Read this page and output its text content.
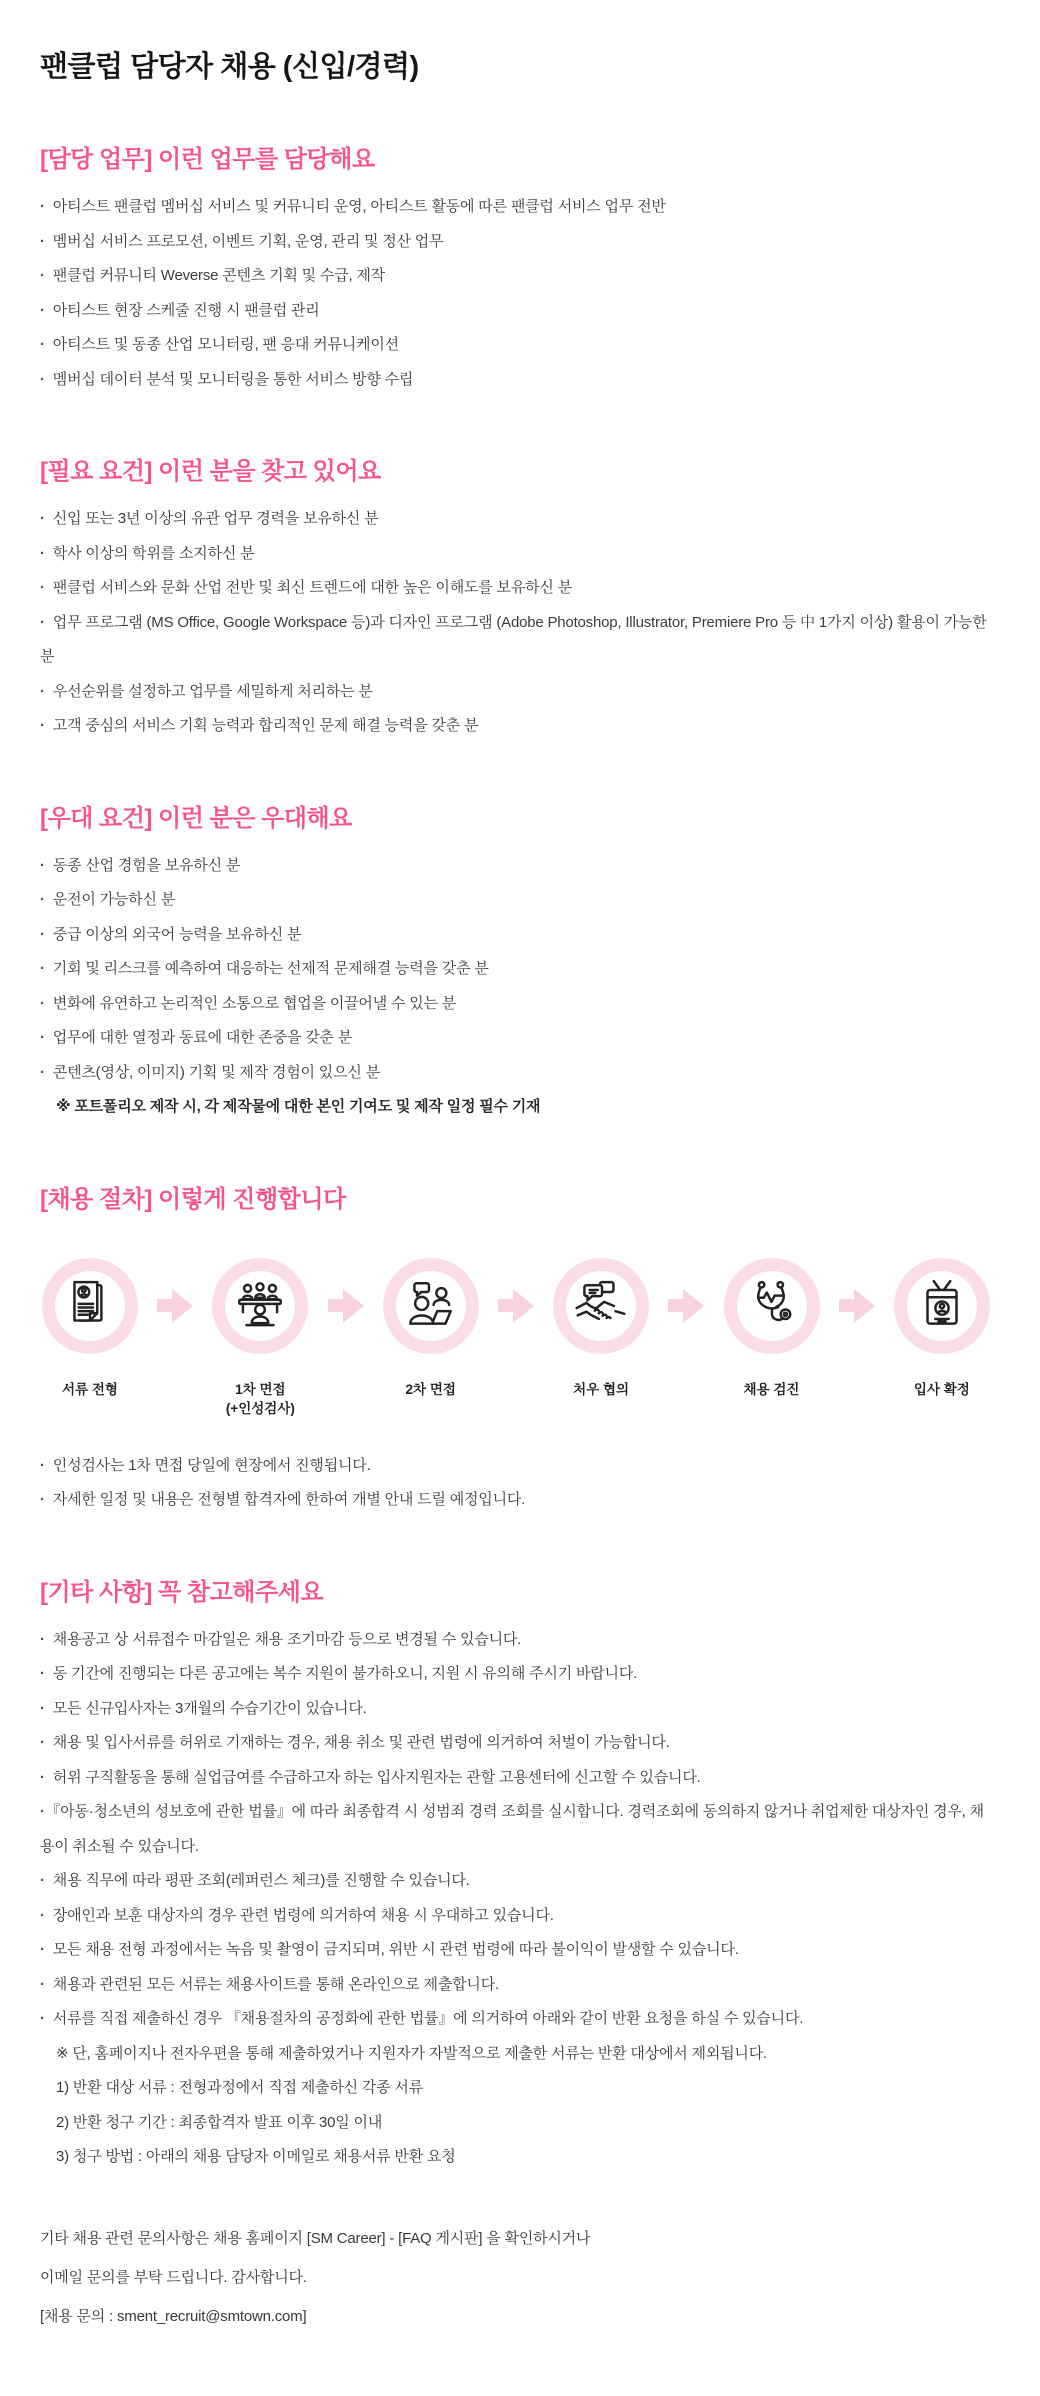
팬클럽 담당자 채용 (신입/경력)
[담당 업무] 이런 업무를 담당해요

· 아티스트 팬클럽 멤버십 서비스 및 커뮤니티 운영, 아티스트 활동에 따른 팬클럽 서비스 업무 전반

· 멤버십 서비스 프로모션, 이벤트 기획, 운영, 관리 및 정산 업무

· 팬클럽 커뮤니티 Weverse 콘텐츠 기획 및 수급, 제작

· 아티스트 현장 스케줄 진행 시 팬클럽 관리

· 아티스트 및 동종 산업 모니터링, 팬 응대 커뮤니케이션

· 멤버십 데이터 분석 및 모니터링을 통한 서비스 방향 수립

[필요 요건] 이런 분을 찾고 있어요

· 신입 또는 3년 이상의 유관 업무 경력을 보유하신 분

· 학사 이상의 학위를 소지하신 분

· 팬클럽 서비스와 문화 산업 전반 및 최신 트렌드에 대한 높은 이해도를 보유하신 분

· 업무 프로그램 (MS Office, Google Workspace 등)과 디자인 프로그램 (Adobe Photoshop, Illustrator, Premiere Pro 등 中 1가지 이상) 활용이 가능한 분

· 우선순위를 설정하고 업무를 세밀하게 처리하는 분

· 고객 중심의 서비스 기획 능력과 합리적인 문제 해결 능력을 갖춘 분

[우대 요건] 이런 분은 우대해요

· 동종 산업 경험을 보유하신 분

· 운전이 가능하신 분

· 중급 이상의 외국어 능력을 보유하신 분

· 기회 및 리스크를 예측하여 대응하는 선제적 문제해결 능력을 갖춘 분

· 변화에 유연하고 논리적인 소통으로 협업을 이끌어낼 수 있는 분

· 업무에 대한 열정과 동료에 대한 존중을 갖춘 분

· 콘텐츠(영상, 이미지) 기획 및 제작 경험이 있으신 분

※ 포트폴리오 제작 시, 각 제작물에 대한 본인 기여도 및 제작 일정 필수 기재

[채용 절차] 이렇게 진행합니다
서류 전형	1차 면접
(+인성검사)
2차 면접	처우 협의	채용 검진	입사 확정

· 인성검사는 1차 면접 당일에 현장에서 진행됩니다.

· 자세한 일정 및 내용은 전형별 합격자에 한하여 개별 안내 드릴 예정입니다.

[기타 사항] 꼭 참고해주세요

· 채용공고 상 서류접수 마감일은 채용 조기마감 등으로 변경될 수 있습니다.

· 동 기간에 진행되는 다른 공고에는 복수 지원이 불가하오니, 지원 시 유의해 주시기 바랍니다.

· 모든 신규입사자는 3개월의 수습기간이 있습니다.

· 채용 및 입사서류를 허위로 기재하는 경우, 채용 취소 및 관련 법령에 의거하여 처벌이 가능합니다.

· 허위 구직활동을 통해 실업급여를 수급하고자 하는 입사지원자는 관할 고용센터에 신고할 수 있습니다.

· 『아동·청소년의 성보호에 관한 법률』에 따라 최종합격 시 성범죄 경력 조회를 실시합니다. 경력조회에 동의하지 않거나 취업제한 대상자인 경우, 채용이 취소될 수 있습니다.

· 채용 직무에 따라 평판 조회(레퍼런스 체크)를 진행할 수 있습니다.

· 장애인과 보훈 대상자의 경우 관련 법령에 의거하여 채용 시 우대하고 있습니다.

· 모든 채용 전형 과정에서는 녹음 및 촬영이 금지되며, 위반 시 관련 법령에 따라 불이익이 발생할 수 있습니다.

· 채용과 관련된 모든 서류는 채용사이트를 통해 온라인으로 제출합니다.

· 서류를 직접 제출하신 경우 『채용절차의 공정화에 관한 법률』에 의거하여 아래와 같이 반환 요청을 하실 수 있습니다.

※ 단, 홈페이지나 전자우편을 통해 제출하였거나 지원자가 자발적으로 제출한 서류는 반환 대상에서 제외됩니다.

1) 반환 대상 서류 : 전형과정에서 직접 제출하신 각종 서류

2) 반환 청구 기간 : 최종합격자 발표 이후 30일 이내

3) 청구 방법 : 아래의 채용 담당자 이메일로 채용서류 반환 요청

기타 채용 관련 문의사항은 채용 홈페이지 [SM Career] - [FAQ 게시판] 을 확인하시거나

이메일 문의를 부탁 드립니다. 감사합니다.

[채용 문의 : sment_recruit@smtown.com]
